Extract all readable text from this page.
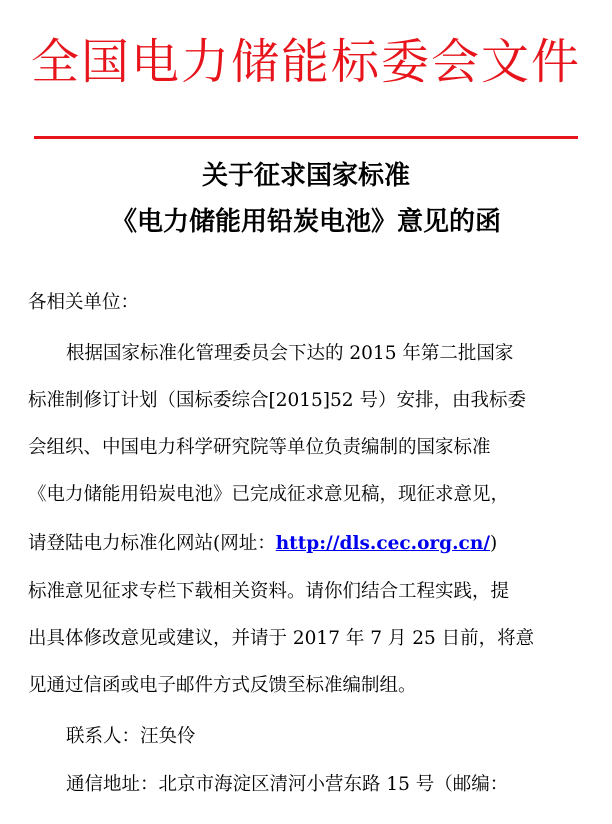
全国电力储能标委会文件
关于征求国家标准
《电力储能用铅炭电池》意见的函
各相关单位：
根据国家标准化管理委员会下达的 2015 年第二批国家
标准制修订计划（国标委综合[2015]52 号）安排，由我标委
会组织、中国电力科学研究院等单位负责编制的国家标准
《电力储能用铅炭电池》已完成征求意见稿，现征求意见，
请登陆电力标准化网站(网址：http://dls.cec.org.cn/)
标准意见征求专栏下载相关资料。请你们结合工程实践，提
出具体修改意见或建议，并请于 2017 年 7 月 25 日前，将意
见通过信函或电子邮件方式反馈至标准编制组。
联系人：汪奂伶
通信地址：北京市海淀区清河小营东路 15 号（邮编：
